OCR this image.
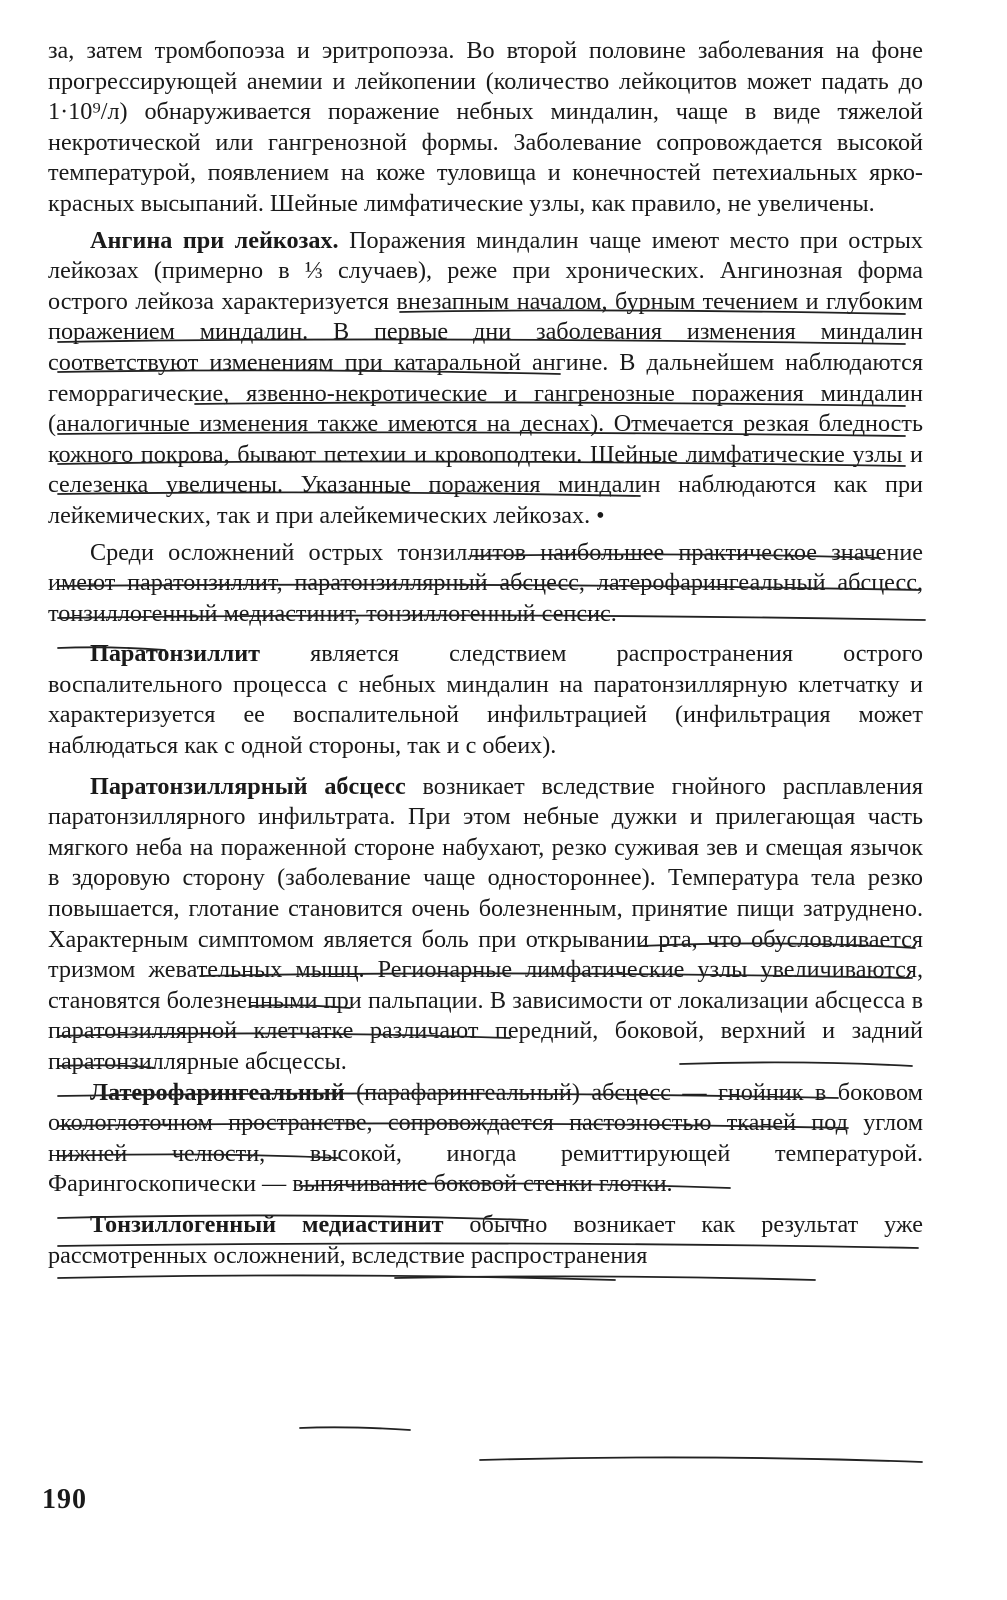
за, затем тромбопоэза и эритропоэза. Во второй половине заболевания на фоне прогрессирующей анемии и лейкопении (количество лейкоцитов может падать до 1·10⁹/л) обнаруживается поражение небных миндалин, чаще в виде тяжелой некротической или гангренозной формы. Заболевание сопровождается высокой температурой, появлением на коже туловища и конечностей петехиальных ярко-красных высыпаний. Шейные лимфатические узлы, как правило, не увеличены.

Ангина при лейкозах. Поражения миндалин чаще имеют место при острых лейкозах (примерно в ⅓ случаев), реже при хронических. Ангинозная форма острого лейкоза характеризуется внезапным началом, бурным течением и глубоким поражением миндалин. В первые дни заболевания изменения миндалин соответствуют изменениям при катаральной ангине. В дальнейшем наблюдаются геморрагические, язвенно-некротические и гангренозные поражения миндалин (аналогичные изменения также имеются на деснах). Отмечается резкая бледность кожного покрова, бывают петехии и кровоподтеки. Шейные лимфатические узлы и селезенка увеличены. Указанные поражения миндалин наблюдаются как при лейкемических, так и при алейкемических лейкозах. •

Среди осложнений острых тонзиллитов наибольшее практическое значение имеют паратонзиллит, паратонзиллярный абсцесс, латерофарингеальный абсцесс, тонзиллогенный медиастинит, тонзиллогенный сепсис.

Паратонзиллит является следствием распространения острого воспалительного процесса с небных миндалин на паратонзиллярную клетчатку и характеризуется ее воспалительной инфильтрацией (инфильтрация может наблюдаться как с одной стороны, так и с обеих).

Паратонзиллярный абсцесс возникает вследствие гнойного расплавления паратонзиллярного инфильтрата. При этом небные дужки и прилегающая часть мягкого неба на пораженной стороне набухают, резко суживая зев и смещая язычок в здоровую сторону (заболевание чаще одностороннее). Температура тела резко повышается, глотание становится очень болезненным, принятие пищи затруднено. Характерным симптомом является боль при открывании рта, что обусловливается тризмом жевательных мышц. Регионарные лимфатические узлы увеличиваются, становятся болезненными при пальпации. В зависимости от локализации абсцесса в паратонзиллярной клетчатке различают передний, боковой, верхний и задний паратонзиллярные абсцессы.

Латерофарингеальный (парафарингеальный) абсцесс — гнойник в боковом окологлоточном пространстве, сопровождается пастозностью тканей под углом нижней челюсти, высокой, иногда ремиттирующей температурой. Фарингоскопически — выпячивание боковой стенки глотки.

Тонзиллогенный медиастинит обычно возникает как результат уже рассмотренных осложнений, вследствие распространения

190
